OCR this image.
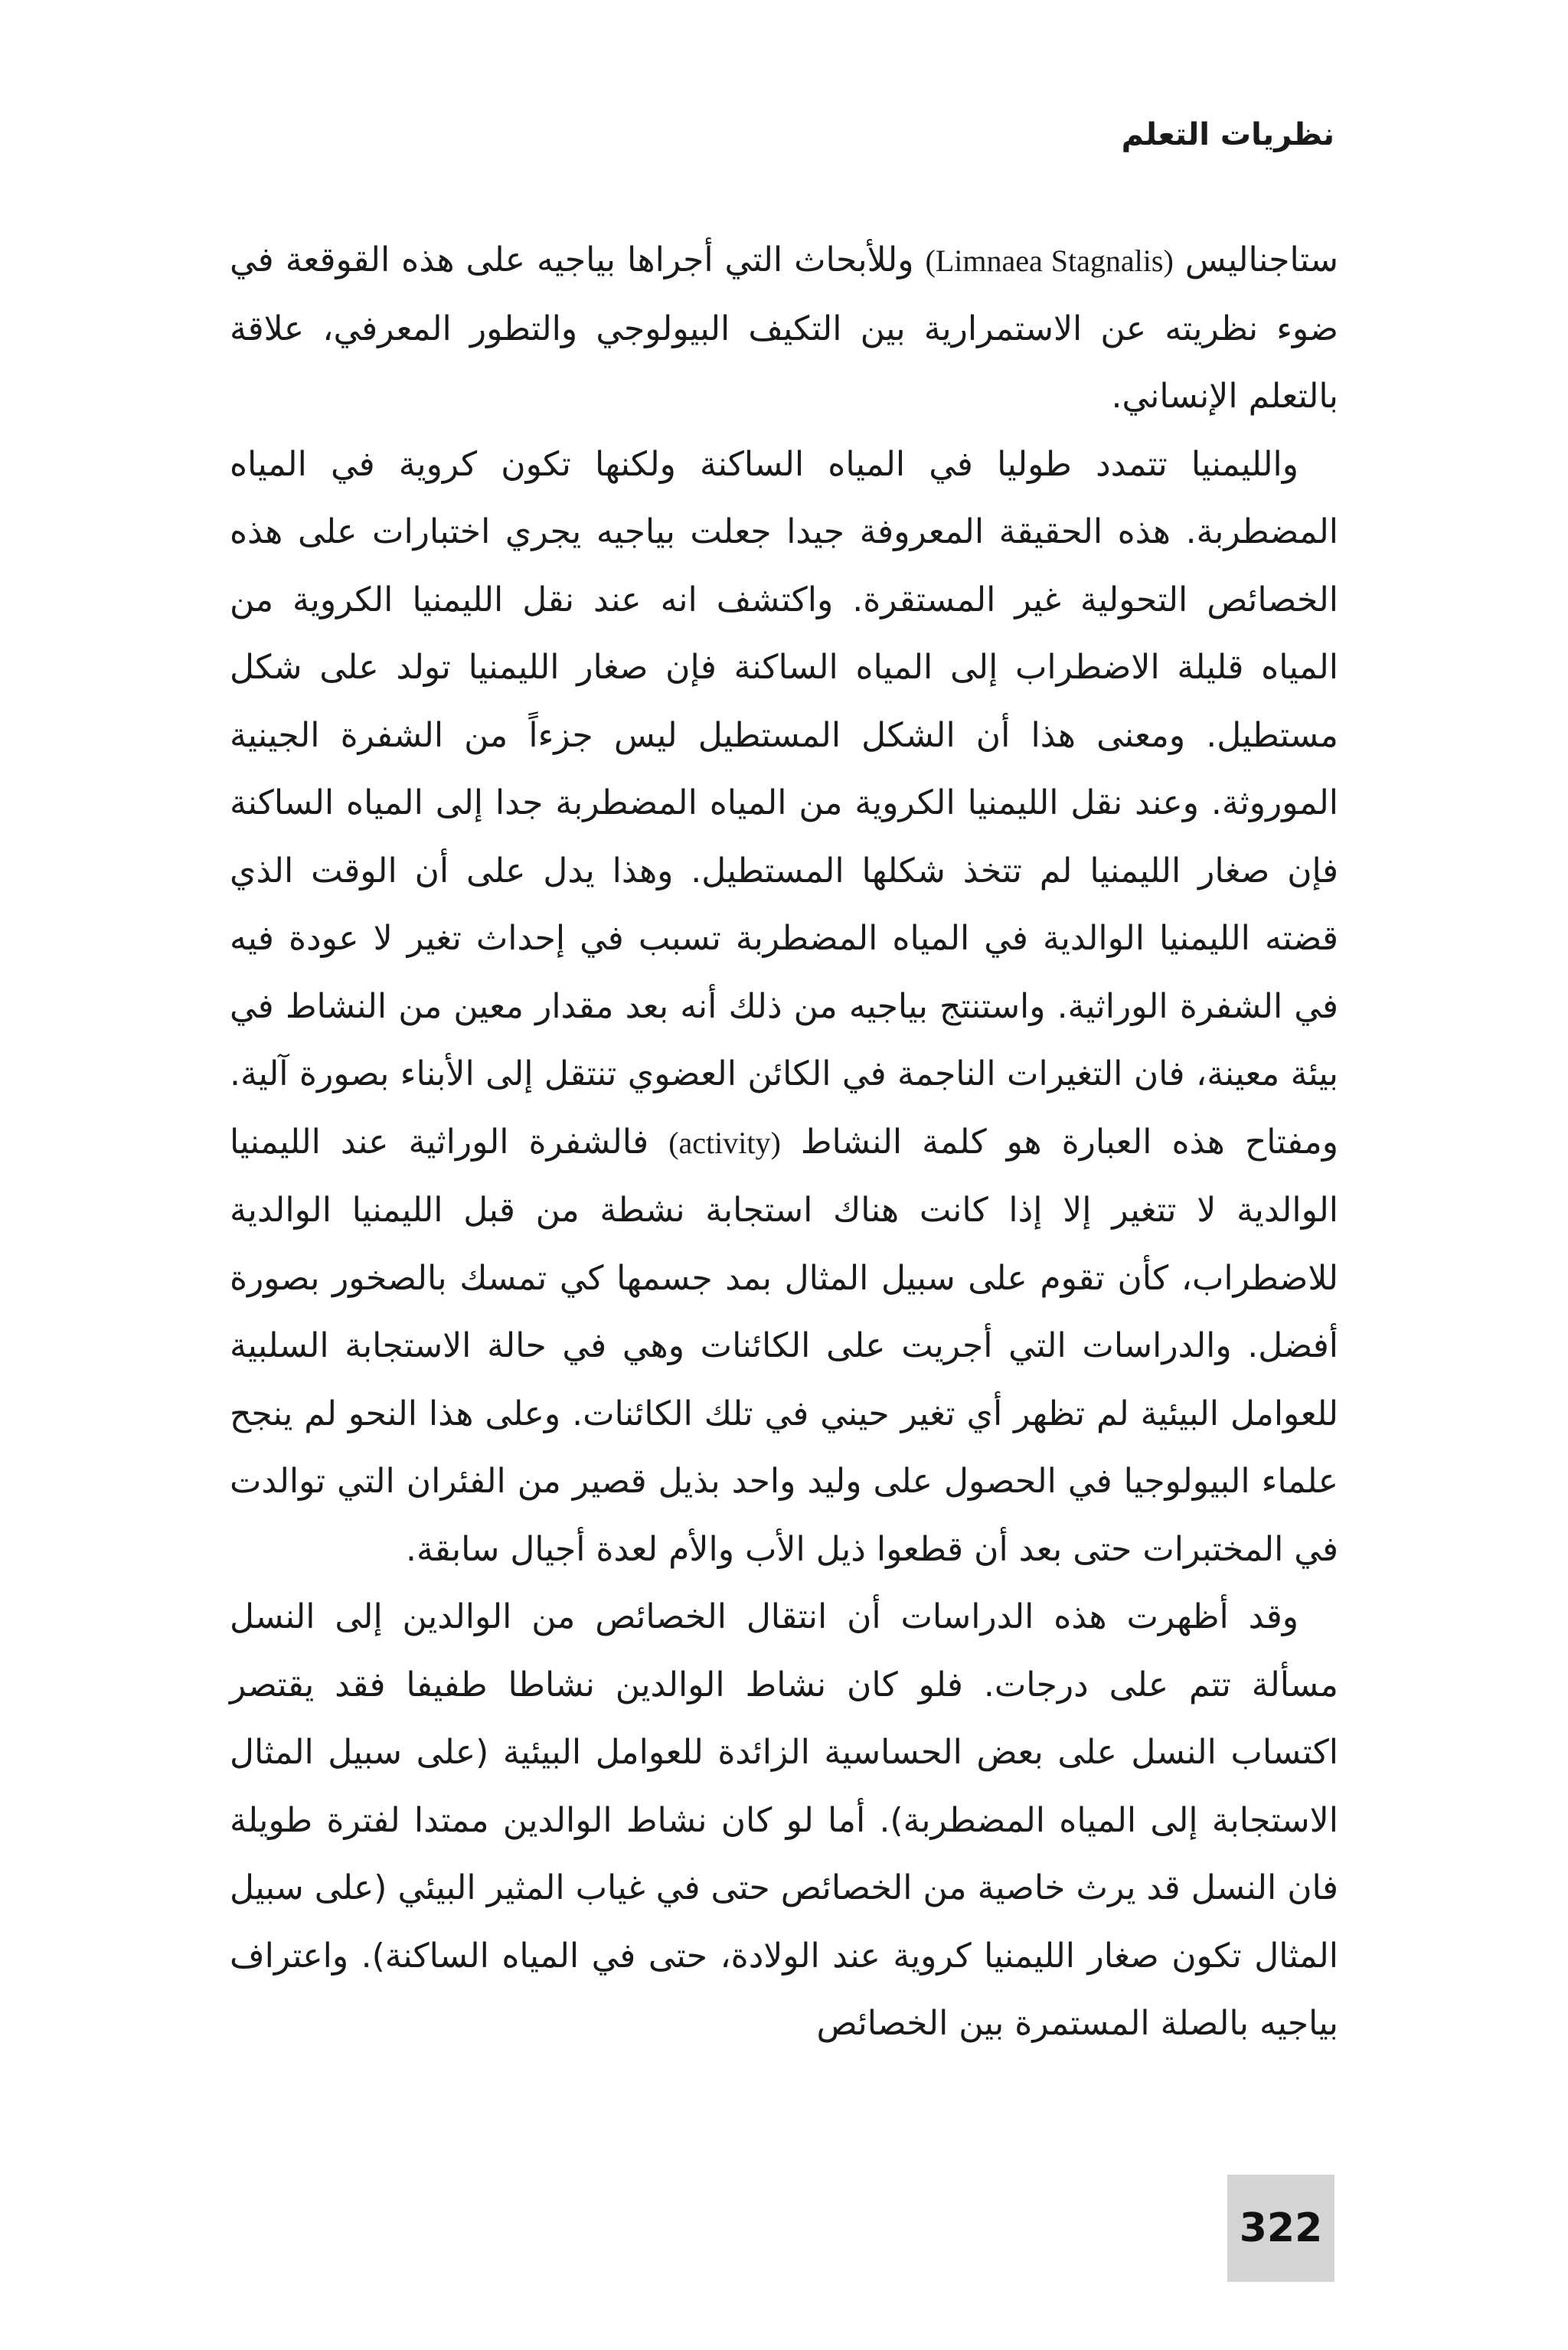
نظريات التعلم

ستاجناليس (Limnaea Stagnalis) وللأبحاث التي أجراها بياجيه على هذه القوقعة في ضوء نظريته عن الاستمرارية بين التكيف البيولوجي والتطور المعرفي، علاقة بالتعلم الإنساني.

والليمنيا تتمدد طوليا في المياه الساكنة ولكنها تكون كروية في المياه المضطربة. هذه الحقيقة المعروفة جيدا جعلت بياجيه يجري اختبارات على هذه الخصائص التحولية غير المستقرة. واكتشف انه عند نقل الليمنيا الكروية من المياه قليلة الاضطراب إلى المياه الساكنة فإن صغار الليمنيا تولد على شكل مستطيل. ومعنى هذا أن الشكل المستطيل ليس جزءاً من الشفرة الجينية الموروثة. وعند نقل الليمنيا الكروية من المياه المضطربة جدا إلى المياه الساكنة فإن صغار الليمنيا لم تتخذ شكلها المستطيل. وهذا يدل على أن الوقت الذي قضته الليمنيا الوالدية في المياه المضطربة تسبب في إحداث تغير لا عودة فيه في الشفرة الوراثية. واستنتج بياجيه من ذلك أنه بعد مقدار معين من النشاط في بيئة معينة، فان التغيرات الناجمة في الكائن العضوي تنتقل إلى الأبناء بصورة آلية. ومفتاح هذه العبارة هو كلمة النشاط (activity) فالشفرة الوراثية عند الليمنيا الوالدية لا تتغير إلا إذا كانت هناك استجابة نشطة من قبل الليمنيا الوالدية للاضطراب، كأن تقوم على سبيل المثال بمد جسمها كي تمسك بالصخور بصورة أفضل. والدراسات التي أجريت على الكائنات وهي في حالة الاستجابة السلبية للعوامل البيئية لم تظهر أي تغير حيني في تلك الكائنات. وعلى هذا النحو لم ينجح علماء البيولوجيا في الحصول على وليد واحد بذيل قصير من الفئران التي توالدت في المختبرات حتى بعد أن قطعوا ذيل الأب والأم لعدة أجيال سابقة.

وقد أظهرت هذه الدراسات أن انتقال الخصائص من الوالدين إلى النسل مسألة تتم على درجات. فلو كان نشاط الوالدين نشاطا طفيفا فقد يقتصر اكتساب النسل على بعض الحساسية الزائدة للعوامل البيئية (على سبيل المثال الاستجابة إلى المياه المضطربة). أما لو كان نشاط الوالدين ممتدا لفترة طويلة فان النسل قد يرث خاصية من الخصائص حتى في غياب المثير البيئي (على سبيل المثال تكون صغار الليمنيا كروية عند الولادة، حتى في المياه الساكنة). واعتراف بياجيه بالصلة المستمرة بين الخصائص

322
